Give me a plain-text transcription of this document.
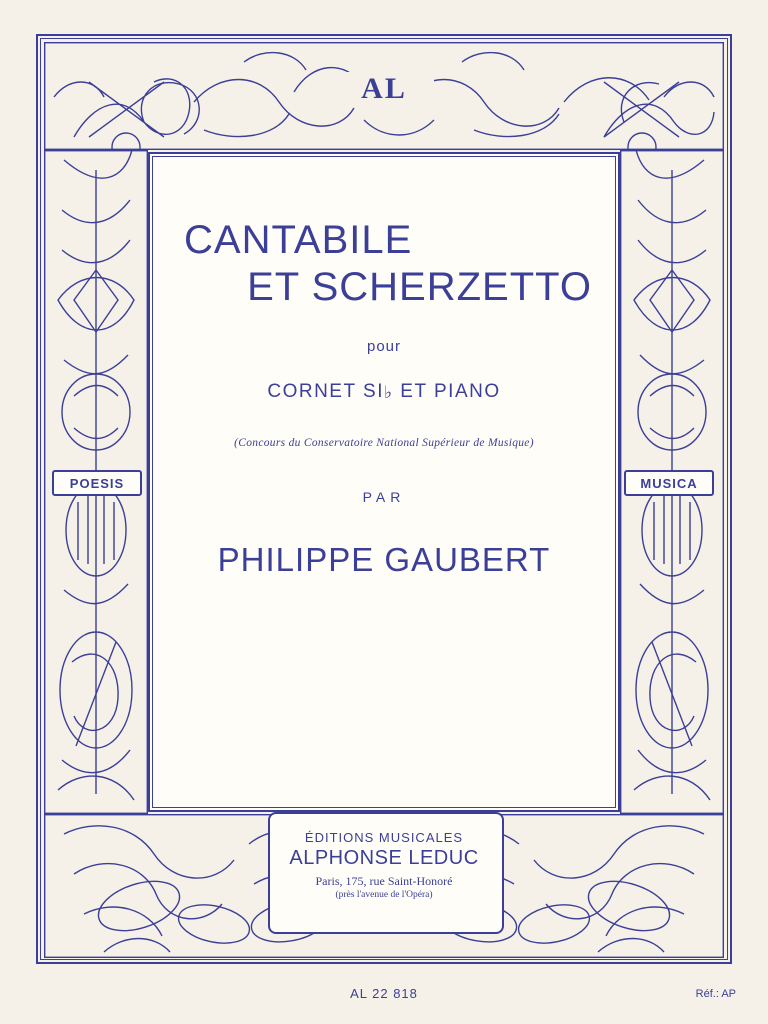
AL
POESIS	MUSICA
CANTABILE
ET SCHERZETTO
pour
CORNET SI♭ ET PIANO
(Concours du Conservatoire National Supérieur de Musique)
PAR
PHILIPPE GAUBERT
ÉDITIONS MUSICALES
ALPHONSE LEDUC
Paris, 175, rue Saint-Honoré
(près l'avenue de l'Opéra)
AL 22 818	Réf.: AP
